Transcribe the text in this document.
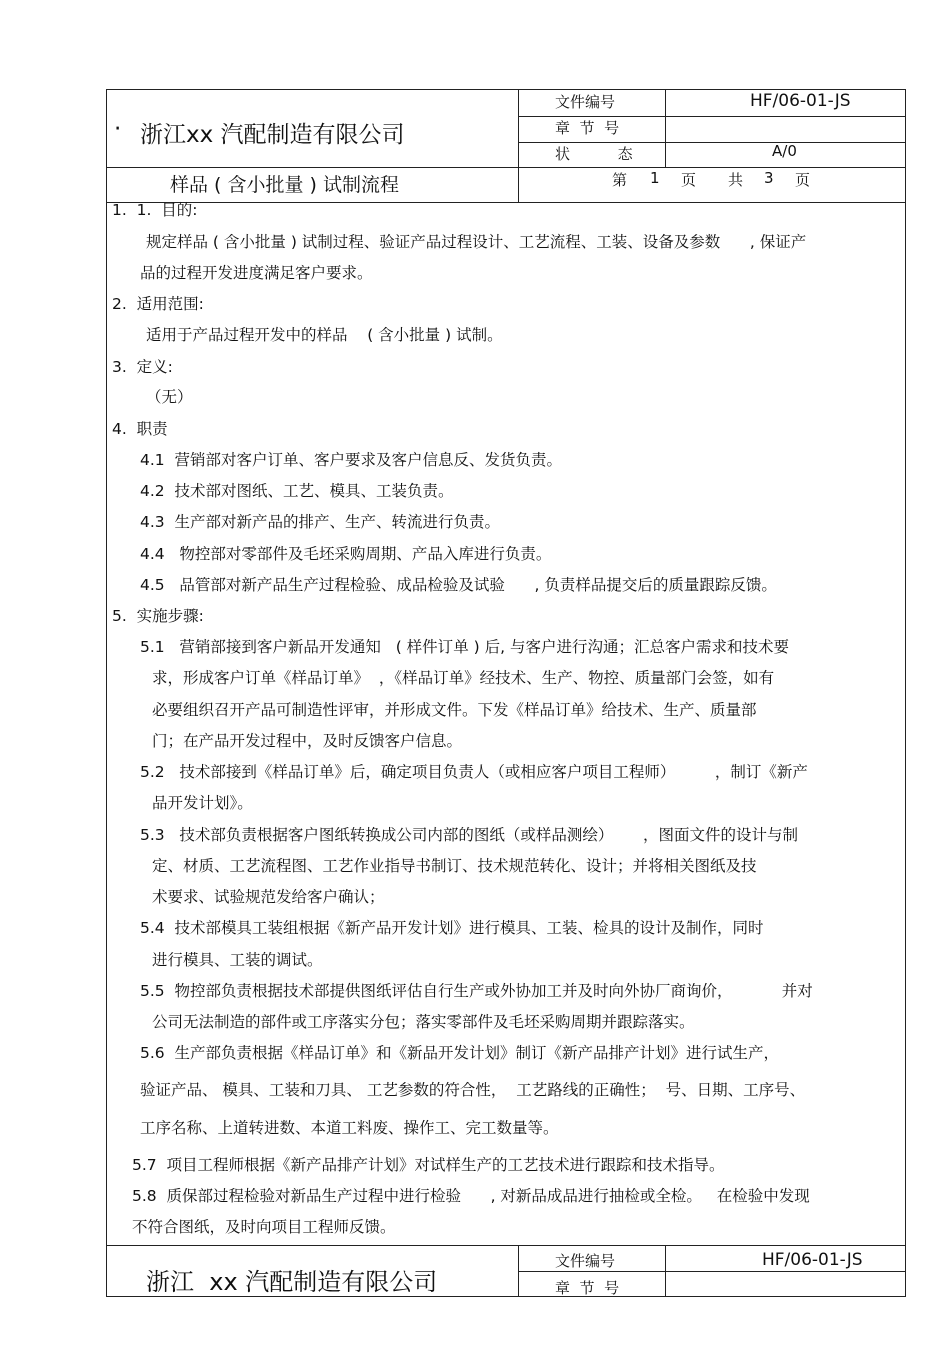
· 浙江xx 汽配制造有限公司
样品 ( 含小批量 ) 试制流程
文件编号
章  节  号
状          态
HF/06-01-JS
A/0
第 1 页 共 3 页
1.  1.  目的:
规定样品 ( 含小批量 ) 试制过程、验证产品过程设计、工艺流程、工装、设备及参数      , 保证产
品的过程开发进度满足客户要求。
2.  适用范围:
适用于产品过程开发中的样品    ( 含小批量 ) 试制。
3.  定义:
（无）
4.  职责
4.1  营销部对客户订单、客户要求及客户信息反、发货负责。
4.2  技术部对图纸、工艺、模具、工装负责。
4.3  生产部对新产品的排产、生产、转流进行负责。
4.4   物控部对零部件及毛坯采购周期、产品入库进行负责。
4.5   品管部对新产品生产过程检验、成品检验及试验      , 负责样品提交后的质量跟踪反馈。
5.  实施步骤:
5.1   营销部接到客户新品开发通知   ( 样件订单 ) 后, 与客户进行沟通；汇总客户需求和技术要
求，形成客户订单《样品订单》  ，《样品订单》经技术、生产、物控、质量部门会签，如有
必要组织召开产品可制造性评审，并形成文件。下发《样品订单》给技术、生产、质量部
门；在产品开发过程中，及时反馈客户信息。
5.2   技术部接到《样品订单》后，确定项目负责人（或相应客户项目工程师）        ，制订《新产
品开发计划》。
5.3   技术部负责根据客户图纸转换成公司内部的图纸（或样品测绘）      ，图面文件的设计与制
定、材质、工艺流程图、工艺作业指导书制订、技术规范转化、设计；并将相关图纸及技
术要求、试验规范发给客户确认；
5.4  技术部模具工装组根据《新产品开发计划》进行模具、工装、检具的设计及制作，同时
进行模具、工装的调试。
5.5  物控部负责根据技术部提供图纸评估自行生产或外协加工并及时向外协厂商询价，          并对
公司无法制造的部件或工序落实分包；落实零部件及毛坯采购周期并跟踪落实。
5.6  生产部负责根据《样品订单》和《新品开发计划》制订《新产品排产计划》进行试生产，
验证产品、 模具、工装和刀具、 工艺参数的符合性，  工艺路线的正确性；  号、日期、工序号、
工序名称、上道转进数、本道工料废、操作工、完工数量等。
5.7  项目工程师根据《新产品排产计划》对试样生产的工艺技术进行跟踪和技术指导。
5.8  质保部过程检验对新品生产过程中进行检验      , 对新品成品进行抽检或全检。   在检验中发现
不符合图纸，及时向项目工程师反馈。
浙江  xx 汽配制造有限公司
文件编号
章  节  号
HF/06-01-JS
